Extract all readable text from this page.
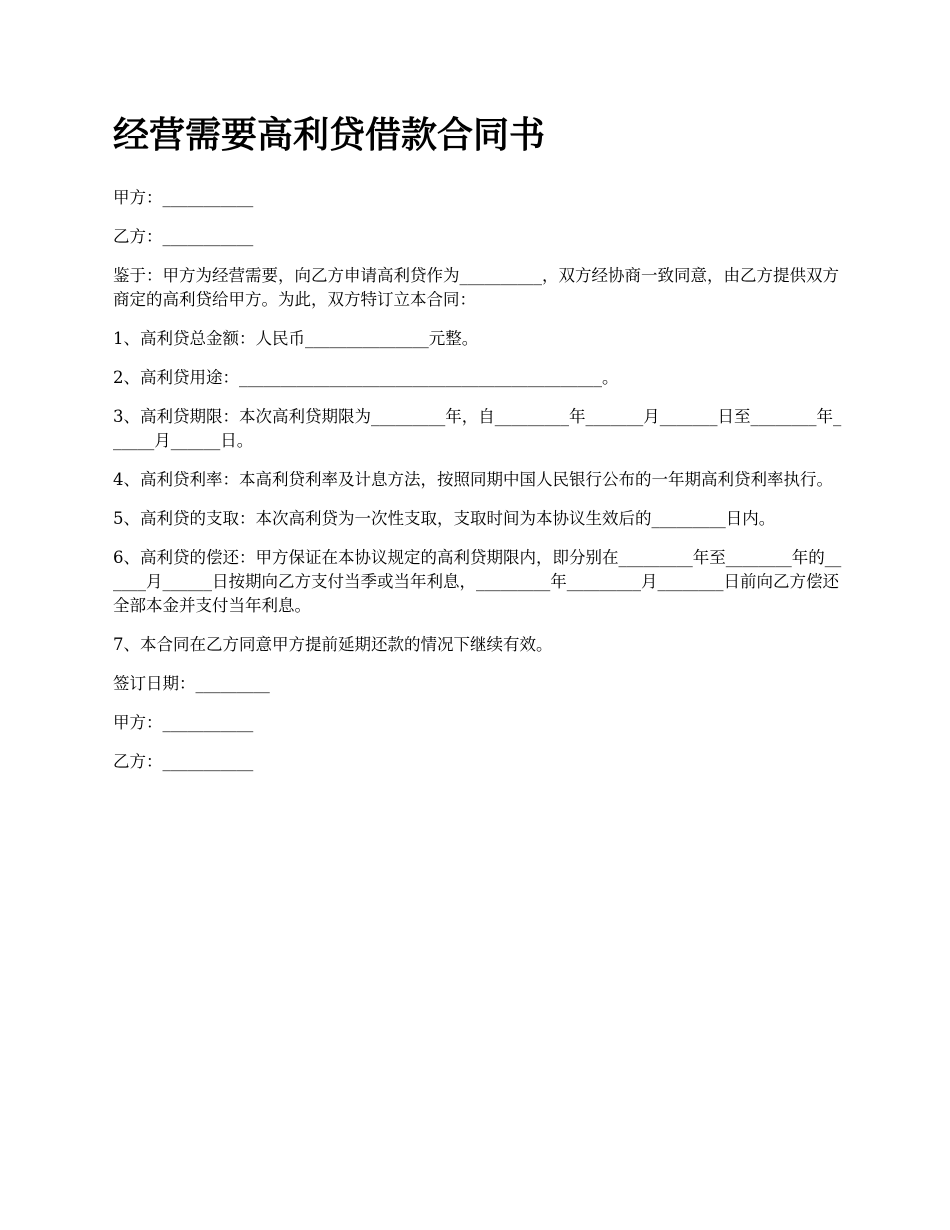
经营需要高利贷借款合同书

甲方：___________

乙方：___________

鉴于：甲方为经营需要，向乙方申请高利贷作为__________，双方经协商一致同意，由乙方提供双方商定的高利贷给甲方。为此，双方特订立本合同：

1、高利贷总金额：人民币_______________元整。

2、高利贷用途：____________________________________________。

3、高利贷期限：本次高利贷期限为_________年，自_________年_______月_______日至________年______月______日。

4、高利贷利率：本高利贷利率及计息方法，按照同期中国人民银行公布的一年期高利贷利率执行。

5、高利贷的支取：本次高利贷为一次性支取，支取时间为本协议生效后的_________日内。

6、高利贷的偿还：甲方保证在本协议规定的高利贷期限内，即分别在_________年至________年的______月______日按期向乙方支付当季或当年利息，_________年_________月________日前向乙方偿还全部本金并支付当年利息。

7、本合同在乙方同意甲方提前延期还款的情况下继续有效。

签订日期：_________

甲方：___________

乙方：___________
